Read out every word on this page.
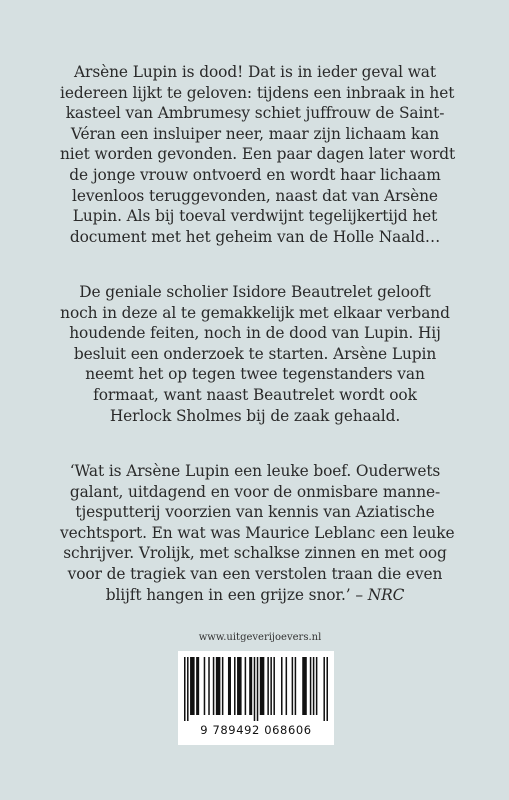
Arsène Lupin is dood! Dat is in ieder geval wat
iedereen lijkt te geloven: tijdens een inbraak in het
kasteel van Ambrumesy schiet juffrouw de Saint-
Véran een insluiper neer, maar zijn lichaam kan
niet worden gevonden. Een paar dagen later wordt
de jonge vrouw ontvoerd en wordt haar lichaam
levenloos teruggevonden, naast dat van Arsène
Lupin. Als bij toeval verdwijnt tegelijkertijd het
document met het geheim van de Holle Naald…
De geniale scholier Isidore Beautrelet gelooft
noch in deze al te gemakkelijk met elkaar verband
houdende feiten, noch in de dood van Lupin. Hij
besluit een onderzoek te starten. Arsène Lupin
neemt het op tegen twee tegenstanders van
formaat, want naast Beautrelet wordt ook
Herlock Sholmes bij de zaak gehaald.
‘Wat is Arsène Lupin een leuke boef. Ouderwets
galant, uitdagend en voor de onmisbare manne-
tjesputterij voorzien van kennis van Aziatische
vechtsport. En wat was Maurice Leblanc een leuke
schrijver. Vrolijk, met schalkse zinnen en met oog
voor de tragiek van een verstolen traan die even
blijft hangen in een grijze snor.’ – NRC
www.uitgeverijoevers.nl
9 789492 068606
